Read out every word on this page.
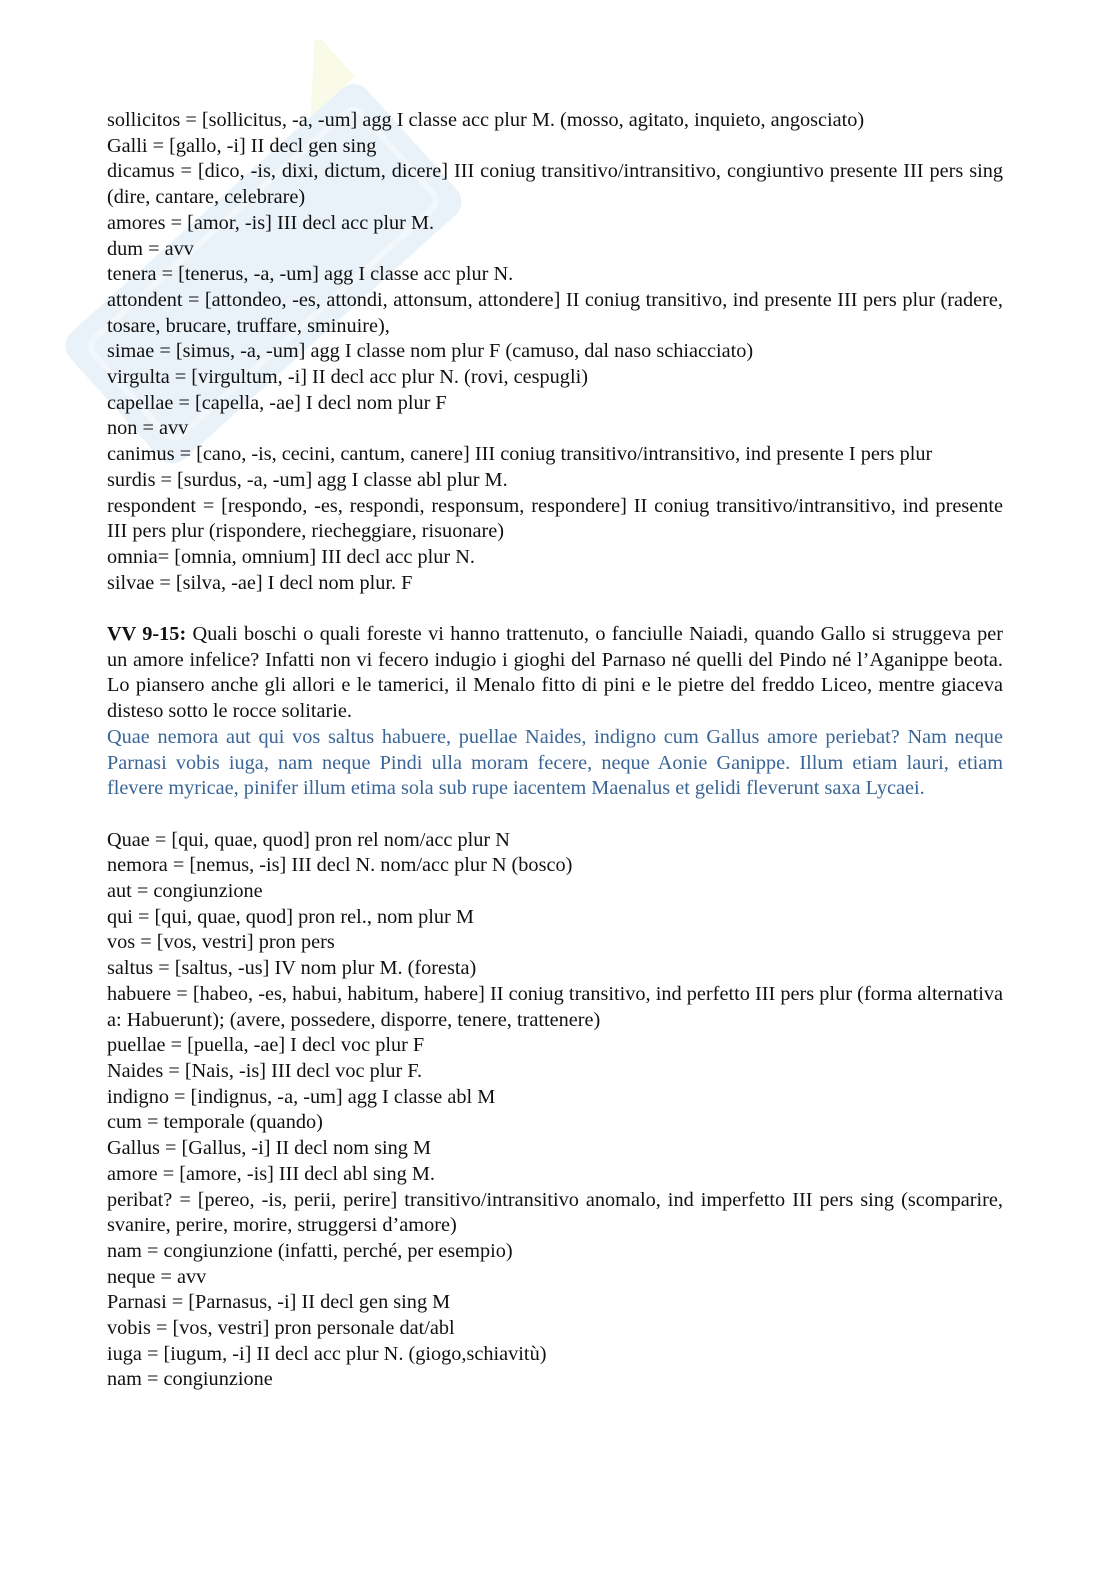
sollicitos = [sollicitus, -a, -um] agg I classe acc plur M. (mosso, agitato, inquieto, angosciato)
Galli = [gallo, -i] II decl gen sing
dicamus = [dico, -is, dixi, dictum, dicere] III coniug transitivo/intransitivo, congiuntivo presente III pers sing (dire, cantare, celebrare)
amores = [amor, -is] III decl acc plur M.
dum = avv
tenera = [tenerus, -a, -um] agg I classe acc plur N.
attondent = [attondeo, -es, attondi, attonsum, attondere] II coniug transitivo, ind presente III pers plur (radere, tosare, brucare, truffare, sminuire),
simae = [simus, -a, -um] agg I classe nom plur F (camuso, dal naso schiacciato)
virgulta = [virgultum, -i] II decl acc plur N. (rovi, cespugli)
capellae = [capella, -ae] I decl nom plur F
non = avv
canimus = [cano, -is, cecini, cantum, canere] III coniug transitivo/intransitivo, ind presente I pers plur
surdis = [surdus, -a, -um] agg I classe abl plur M.
respondent = [respondo, -es, respondi, responsum, respondere] II coniug transitivo/intransitivo, ind presente III pers plur (rispondere, riecheggiare, risuonare)
omnia= [omnia, omnium] III decl acc plur N.
silvae = [silva, -ae] I decl nom plur. F
VV 9-15: Quali boschi o quali foreste vi hanno trattenuto, o fanciulle Naiadi, quando Gallo si struggeva per un amore infelice? Infatti non vi fecero indugio i gioghi del Parnaso né quelli del Pindo né l’Aganippe beota. Lo piansero anche gli allori e le tamerici, il Menalo fitto di pini e le pietre del freddo Liceo, mentre giaceva disteso sotto le rocce solitarie.
Quae nemora aut qui vos saltus habuere, puellae Naides, indigno cum Gallus amore periebat? Nam neque Parnasi vobis iuga, nam neque Pindi ulla moram fecere, neque Aonie Ganippe. Illum etiam lauri, etiam flevere myricae, pinifer illum etima sola sub rupe iacentem Maenalus et gelidi fleverunt saxa Lycaei.
Quae = [qui, quae, quod] pron rel nom/acc plur N
nemora = [nemus, -is] III decl N. nom/acc plur N (bosco)
aut = congiunzione
qui = [qui, quae, quod] pron rel., nom plur M
vos = [vos, vestri] pron pers
saltus = [saltus, -us] IV nom plur M. (foresta)
habuere = [habeo, -es, habui, habitum, habere] II coniug transitivo, ind perfetto III pers plur (forma alternativa a: Habuerunt); (avere, possedere, disporre, tenere, trattenere)
puellae = [puella, -ae] I decl voc plur F
Naides = [Nais, -is] III decl voc plur F.
indigno = [indignus, -a, -um] agg I classe abl M
cum = temporale (quando)
Gallus = [Gallus, -i] II decl nom sing M
amore = [amore, -is] III decl abl sing M.
peribat? = [pereo, -is, perii, perire] transitivo/intransitivo anomalo, ind imperfetto III pers sing (scomparire, svanire, perire, morire, struggersi d’amore)
nam = congiunzione (infatti, perché, per esempio)
neque = avv
Parnasi = [Parnasus, -i] II decl gen sing M
vobis = [vos, vestri] pron personale dat/abl
iuga = [iugum, -i] II decl acc plur N. (giogo,schiavitù)
nam = congiunzione
